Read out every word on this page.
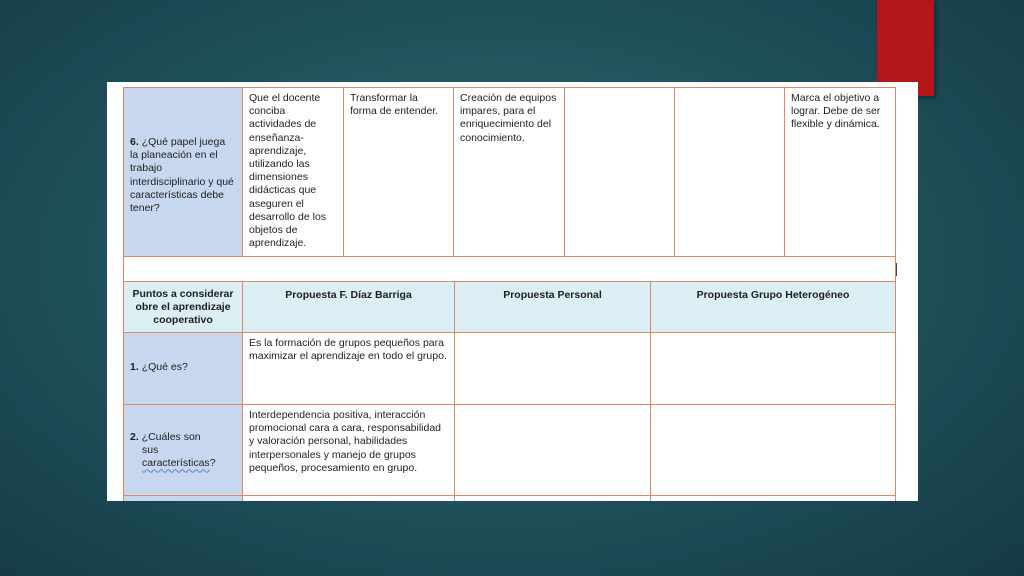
6. ¿Qué papel juega la planeación en el trabajo interdisciplinario y qué características debe tener?
Que el docente conciba actividades de enseñanza-aprendizaje, utilizando las dimensiones didácticas que aseguren el desarrollo de los objetos de aprendizaje.
Transformar la forma de entender.
Creación de equipos impares, para el enriquecimiento del conocimiento.
Marca el objetivo a lograr. Debe de ser flexible y dinámica.
Puntos a considerar obre el aprendizaje cooperativo
Propuesta F. Díaz Barriga	Propuesta Personal	Propuesta Grupo Heterogéneo
1. ¿Qué es?
Es la formación de grupos pequeños para maximizar el aprendizaje en todo el grupo.
2. ¿Cuáles son
sus
características?
Interdependencia positiva, interacción promocional cara a cara, responsabilidad y valoración personal, habilidades interpersonales y manejo de grupos pequeños, procesamiento en grupo.
